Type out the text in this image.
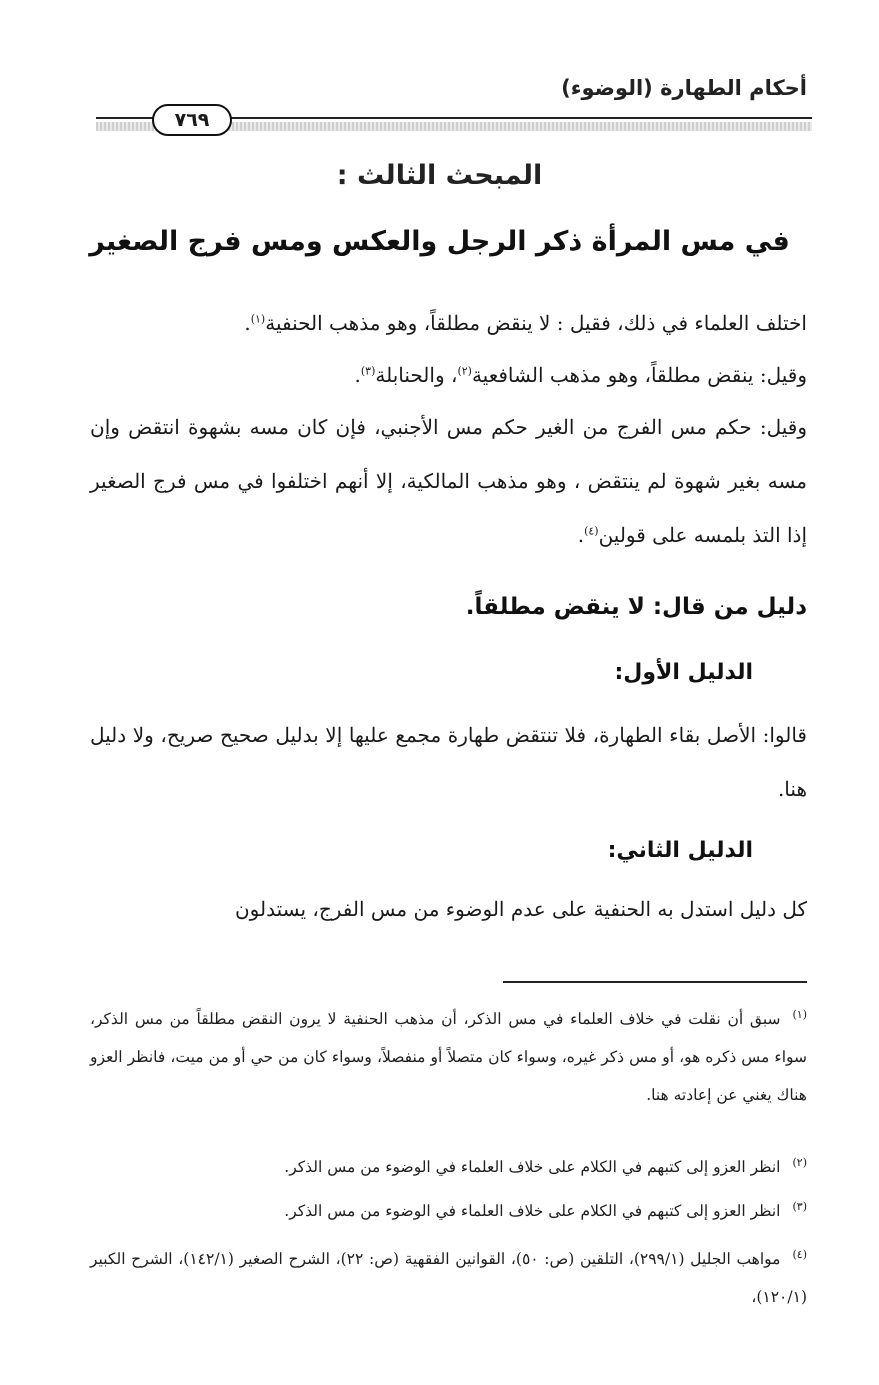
أحكام الطهارة (الوضوء)
٧٦٩
المبحث الثالث :
في مس المرأة ذكر الرجل والعكس ومس فرج الصغير
اختلف العلماء في ذلك، فقيل : لا ينقض مطلقاً، وهو مذهب الحنفية$^{(١)}$.
وقيل: ينقض مطلقاً، وهو مذهب الشافعية$^{(٢)}$، والحنابلة$^{(٣)}$.
وقيل: حكم مس الفرج من الغير حكم مس الأجنبي، فإن كان مسه بشهوة انتقض وإن مسه بغير شهوة لم ينتقض ، وهو مذهب المالكية، إلا أنهم اختلفوا في مس فرج الصغير إذا التذ بلمسه على قولين$^{(٤)}$.
دليل من قال: لا ينقض مطلقاً.
الدليل الأول:
قالوا: الأصل بقاء الطهارة، فلا تنتقض طهارة مجمع عليها إلا بدليل صحيح صريح، ولا دليل هنا.
الدليل الثاني:
كل دليل استدل به الحنفية على عدم الوضوء من مس الفرج، يستدلون
$^{(١)}$سبق أن نقلت في خلاف العلماء في مس الذكر، أن مذهب الحنفية لا يرون النقض مطلقاً من مس الذكر، سواء مس ذكره هو، أو مس ذكر غيره، وسواء كان متصلاً أو منفصلاً، وسواء كان من حي أو من ميت، فانظر العزو هناك يغني عن إعادته هنا.
$^{(٢)}$انظر العزو إلى كتبهم في الكلام على خلاف العلماء في الوضوء من مس الذكر.
$^{(٣)}$انظر العزو إلى كتبهم في الكلام على خلاف العلماء في الوضوء من مس الذكر.
$^{(٤)}$مواهب الجليل (٢٩٩/١)، التلقين (ص: ٥٠)، القوانين الفقهية (ص: ٢٢)، الشرح الصغير (١٤٢/١)، الشرح الكبير (١٢٠/١)،
